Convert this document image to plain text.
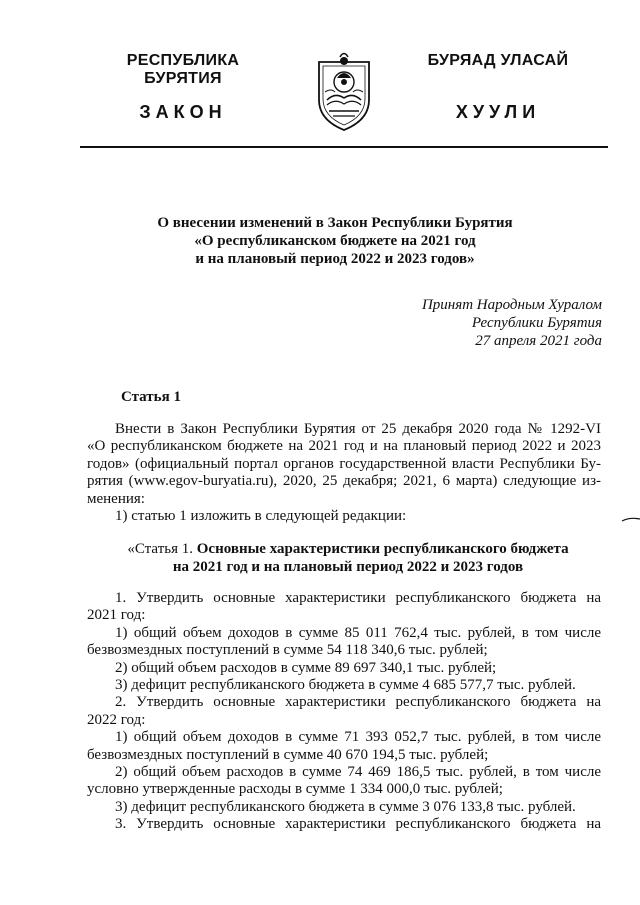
РЕСПУБЛИКА БУРЯТИЯ
ЗАКОН
БУРЯАД УЛАСАЙ
ХУУЛИ
О внесении изменений в Закон Республики Бурятия
«О республиканском бюджете на 2021 год
и на плановый период 2022 и 2023 годов»
Принят Народным Хуралом
Республики Бурятия
27 апреля 2021 года
Статья 1
Внести в Закон Республики Бурятия от 25 декабря 2020 года № 1292-VI
«О республиканском бюджете на 2021 год и на плановый период 2022 и 2023
годов» (официальный портал органов государственной власти Республики Бу-
рятия (www.egov-buryatia.ru), 2020, 25 декабря; 2021, 6 марта) следующие из-
менения:
1) статью 1 изложить в следующей редакции:
«Статья 1. Основные характеристики республиканского бюджета
на 2021 год и на плановый период 2022 и 2023 годов
1. Утвердить основные характеристики республиканского бюджета на
2021 год:
1) общий объем доходов в сумме 85 011 762,4 тыс. рублей, в том числе
безвозмездных поступлений в сумме 54 118 340,6 тыс. рублей;
2) общий объем расходов в сумме 89 697 340,1 тыс. рублей;
3) дефицит республиканского бюджета в сумме 4 685 577,7 тыс. рублей.
2. Утвердить основные характеристики республиканского бюджета на
2022 год:
1) общий объем доходов в сумме 71 393 052,7 тыс. рублей, в том числе
безвозмездных поступлений в сумме 40 670 194,5 тыс. рублей;
2) общий объем расходов в сумме 74 469 186,5 тыс. рублей, в том числе
условно утвержденные расходы в сумме 1 334 000,0 тыс. рублей;
3) дефицит республиканского бюджета в сумме 3 076 133,8 тыс. рублей.
3. Утвердить основные характеристики республиканского бюджета на
